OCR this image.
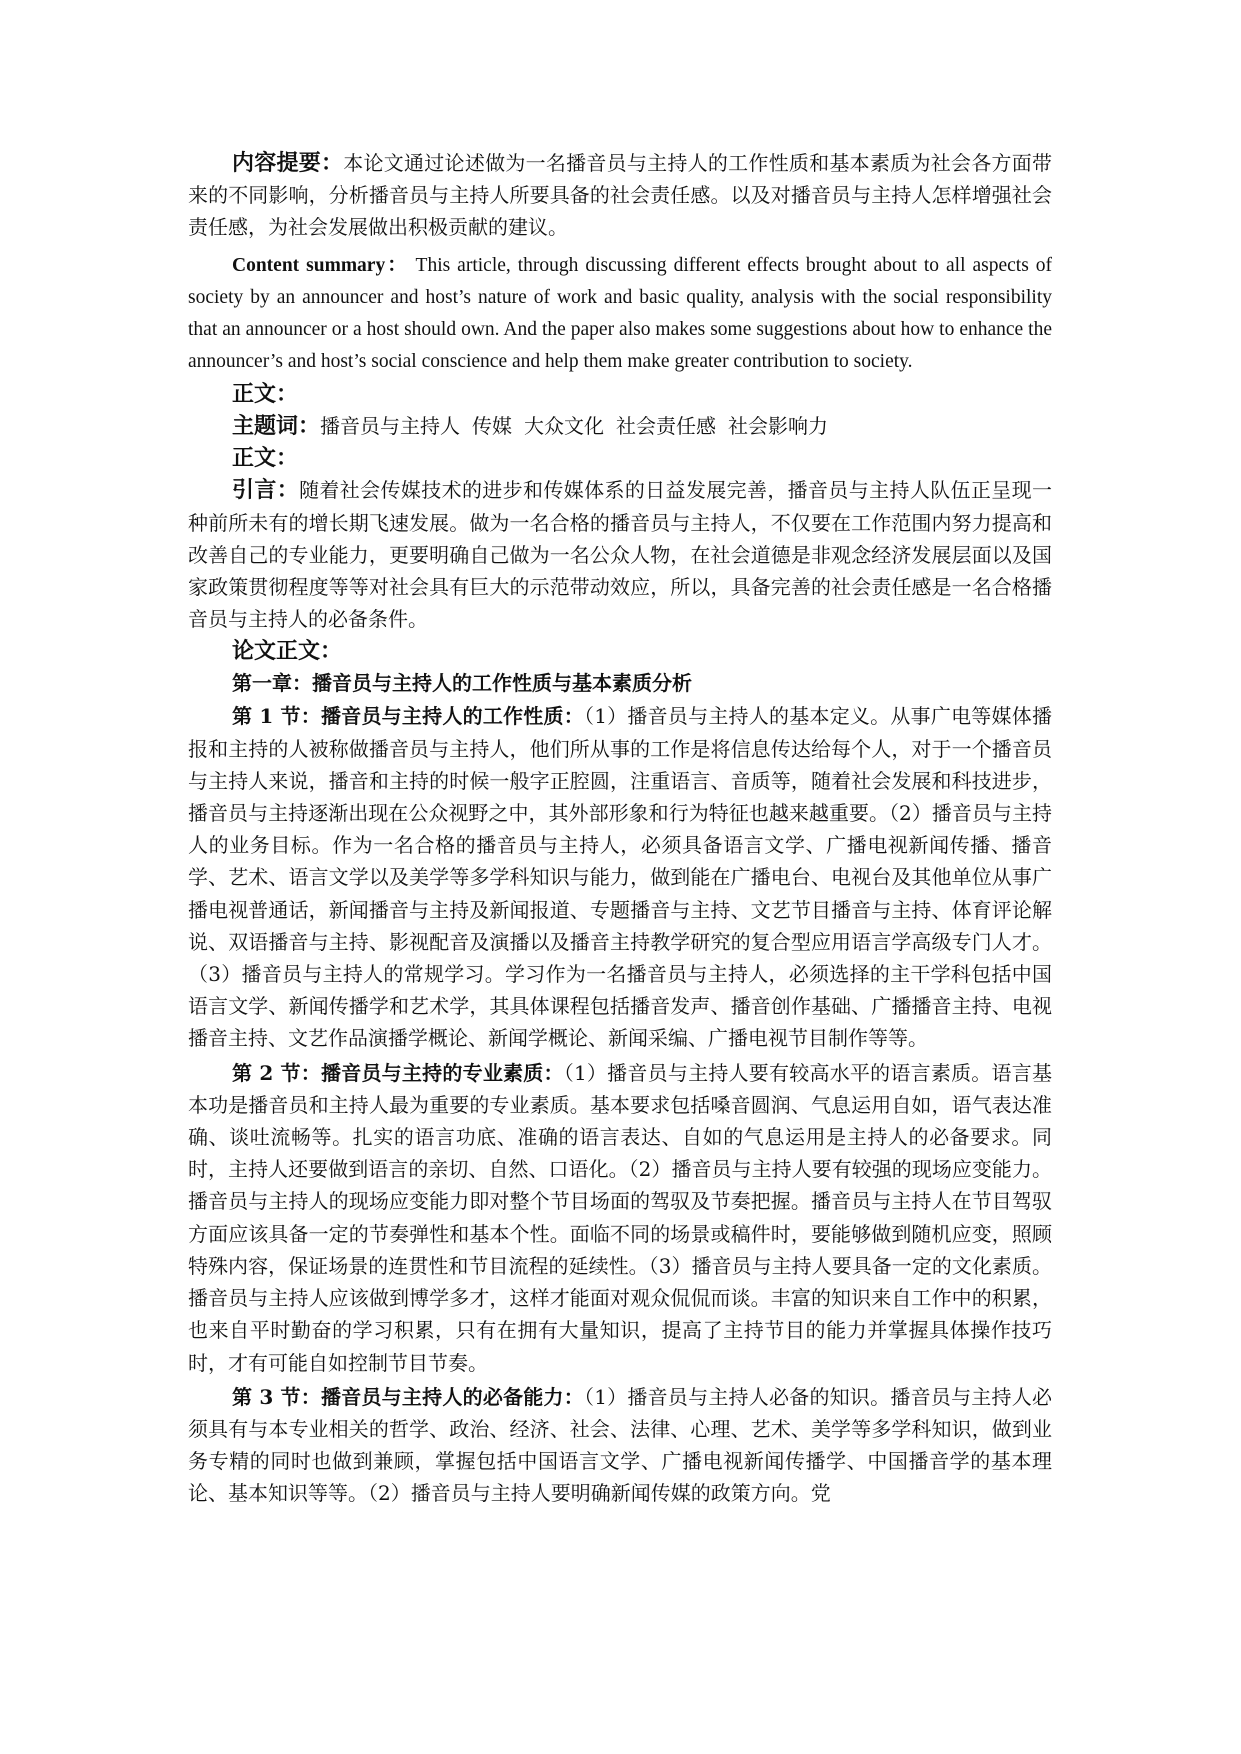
内容提要：本论文通过论述做为一名播音员与主持人的工作性质和基本素质为社会各方面带来的不同影响，分析播音员与主持人所要具备的社会责任感。以及对播音员与主持人怎样增强社会责任感，为社会发展做出积极贡献的建议。

Content summary： This article, through discussing different effects brought about to all aspects of society by an announcer and host’s nature of work and basic quality, analysis with the social responsibility that an announcer or a host should own. And the paper also makes some suggestions about how to enhance the announcer’s and host’s social conscience and help them make greater contribution to society.

正文：
主题词：播音员与主持人 传媒 大众文化 社会责任感 社会影响力
正文：

引言：随着社会传媒技术的进步和传媒体系的日益发展完善，播音员与主持人队伍正呈现一种前所未有的增长期飞速发展。做为一名合格的播音员与主持人，不仅要在工作范围内努力提高和改善自己的专业能力，更要明确自己做为一名公众人物，在社会道德是非观念经济发展层面以及国家政策贯彻程度等等对社会具有巨大的示范带动效应，所以，具备完善的社会责任感是一名合格播音员与主持人的必备条件。

论文正文：
第一章：播音员与主持人的工作性质与基本素质分析

第 1 节：播音员与主持人的工作性质：（1）播音员与主持人的基本定义。从事广电等媒体播报和主持的人被称做播音员与主持人，他们所从事的工作是将信息传达给每个人，对于一个播音员与主持人来说，播音和主持的时候一般字正腔圆，注重语言、音质等，随着社会发展和科技进步，播音员与主持逐渐出现在公众视野之中，其外部形象和行为特征也越来越重要。（2）播音员与主持人的业务目标。作为一名合格的播音员与主持人，必须具备语言文学、广播电视新闻传播、播音学、艺术、语言文学以及美学等多学科知识与能力，做到能在广播电台、电视台及其他单位从事广播电视普通话，新闻播音与主持及新闻报道、专题播音与主持、文艺节目播音与主持、体育评论解说、双语播音与主持、影视配音及演播以及播音主持教学研究的复合型应用语言学高级专门人才。（3）播音员与主持人的常规学习。学习作为一名播音员与主持人，必须选择的主干学科包括中国语言文学、新闻传播学和艺术学，其具体课程包括播音发声、播音创作基础、广播播音主持、电视播音主持、文艺作品演播学概论、新闻学概论、新闻采编、广播电视节目制作等等。

第 2 节：播音员与主持的专业素质：（1）播音员与主持人要有较高水平的语言素质。语言基本功是播音员和主持人最为重要的专业素质。基本要求包括嗓音圆润、气息运用自如，语气表达准确、谈吐流畅等。扎实的语言功底、准确的语言表达、自如的气息运用是主持人的必备要求。同时，主持人还要做到语言的亲切、自然、口语化。（2）播音员与主持人要有较强的现场应变能力。播音员与主持人的现场应变能力即对整个节目场面的驾驭及节奏把握。播音员与主持人在节目驾驭方面应该具备一定的节奏弹性和基本个性。面临不同的场景或稿件时，要能够做到随机应变，照顾特殊内容，保证场景的连贯性和节目流程的延续性。（3）播音员与主持人要具备一定的文化素质。播音员与主持人应该做到博学多才，这样才能面对观众侃侃而谈。丰富的知识来自工作中的积累，也来自平时勤奋的学习积累，只有在拥有大量知识，提高了主持节目的能力并掌握具体操作技巧时，才有可能自如控制节目节奏。

第 3 节：播音员与主持人的必备能力：（1）播音员与主持人必备的知识。播音员与主持人必须具有与本专业相关的哲学、政治、经济、社会、法律、心理、艺术、美学等多学科知识，做到业务专精的同时也做到兼顾，掌握包括中国语言文学、广播电视新闻传播学、中国播音学的基本理论、基本知识等等。（2）播音员与主持人要明确新闻传媒的政策方向。党
